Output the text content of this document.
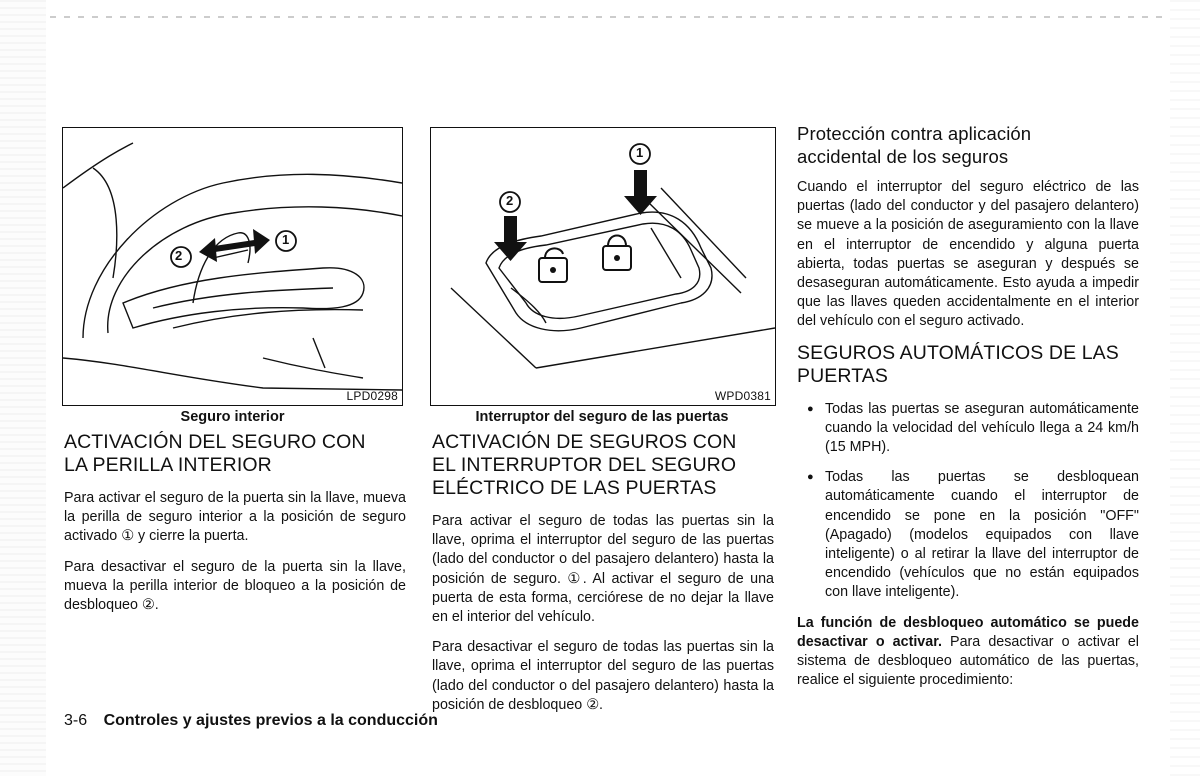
2
1
LPD0298
Seguro interior
1
2
WPD0381
Interruptor del seguro de las puertas
ACTIVACIÓN DEL SEGURO CON
LA PERILLA INTERIOR

Para activar el seguro de la puerta sin la llave, mueva la perilla de seguro interior a la posición de seguro activado ① y cierre la puerta.

Para desactivar el seguro de la puerta sin la llave, mueva la perilla interior de bloqueo a la posición de desbloqueo ②.

ACTIVACIÓN DE SEGUROS CON
EL INTERRUPTOR DEL SEGURO
ELÉCTRICO DE LAS PUERTAS

Para activar el seguro de todas las puertas sin la llave, oprima el interruptor del seguro de las puertas (lado del conductor o del pasajero delantero) hasta la posición de seguro. ①. Al activar el seguro de una puerta de esta forma, cerciórese de no dejar la llave en el interior del vehículo.

Para desactivar el seguro de todas las puertas sin la llave, oprima el interruptor del seguro de las puertas (lado del conductor o del pasajero delantero) hasta la posición de desbloqueo ②.

Protección contra aplicación
accidental de los seguros

Cuando el interruptor del seguro eléctrico de las puertas (lado del conductor y del pasajero delantero) se mueve a la posición de aseguramiento con la llave en el interruptor de encendido y alguna puerta abierta, todas puertas se aseguran y después se desaseguran automáticamente. Esto ayuda a impedir que las llaves queden accidentalmente en el interior del vehículo con el seguro activado.

SEGUROS AUTOMÁTICOS DE LAS
PUERTAS
● Todas las puertas se aseguran automáticamente cuando la velocidad del vehículo llega a 24 km/h (15 MPH).
● Todas las puertas se desbloquean automáticamente cuando el interruptor de encendido se pone en la posición "OFF" (Apagado) (modelos equipados con llave inteligente) o al retirar la llave del interruptor de encendido (vehículos que no están equipados con llave inteligente).

La función de desbloqueo automático se puede desactivar o activar. Para desactivar o activar el sistema de desbloqueo automático de las puertas, realice el siguiente procedimiento:

3-6 Controles y ajustes previos a la conducción
